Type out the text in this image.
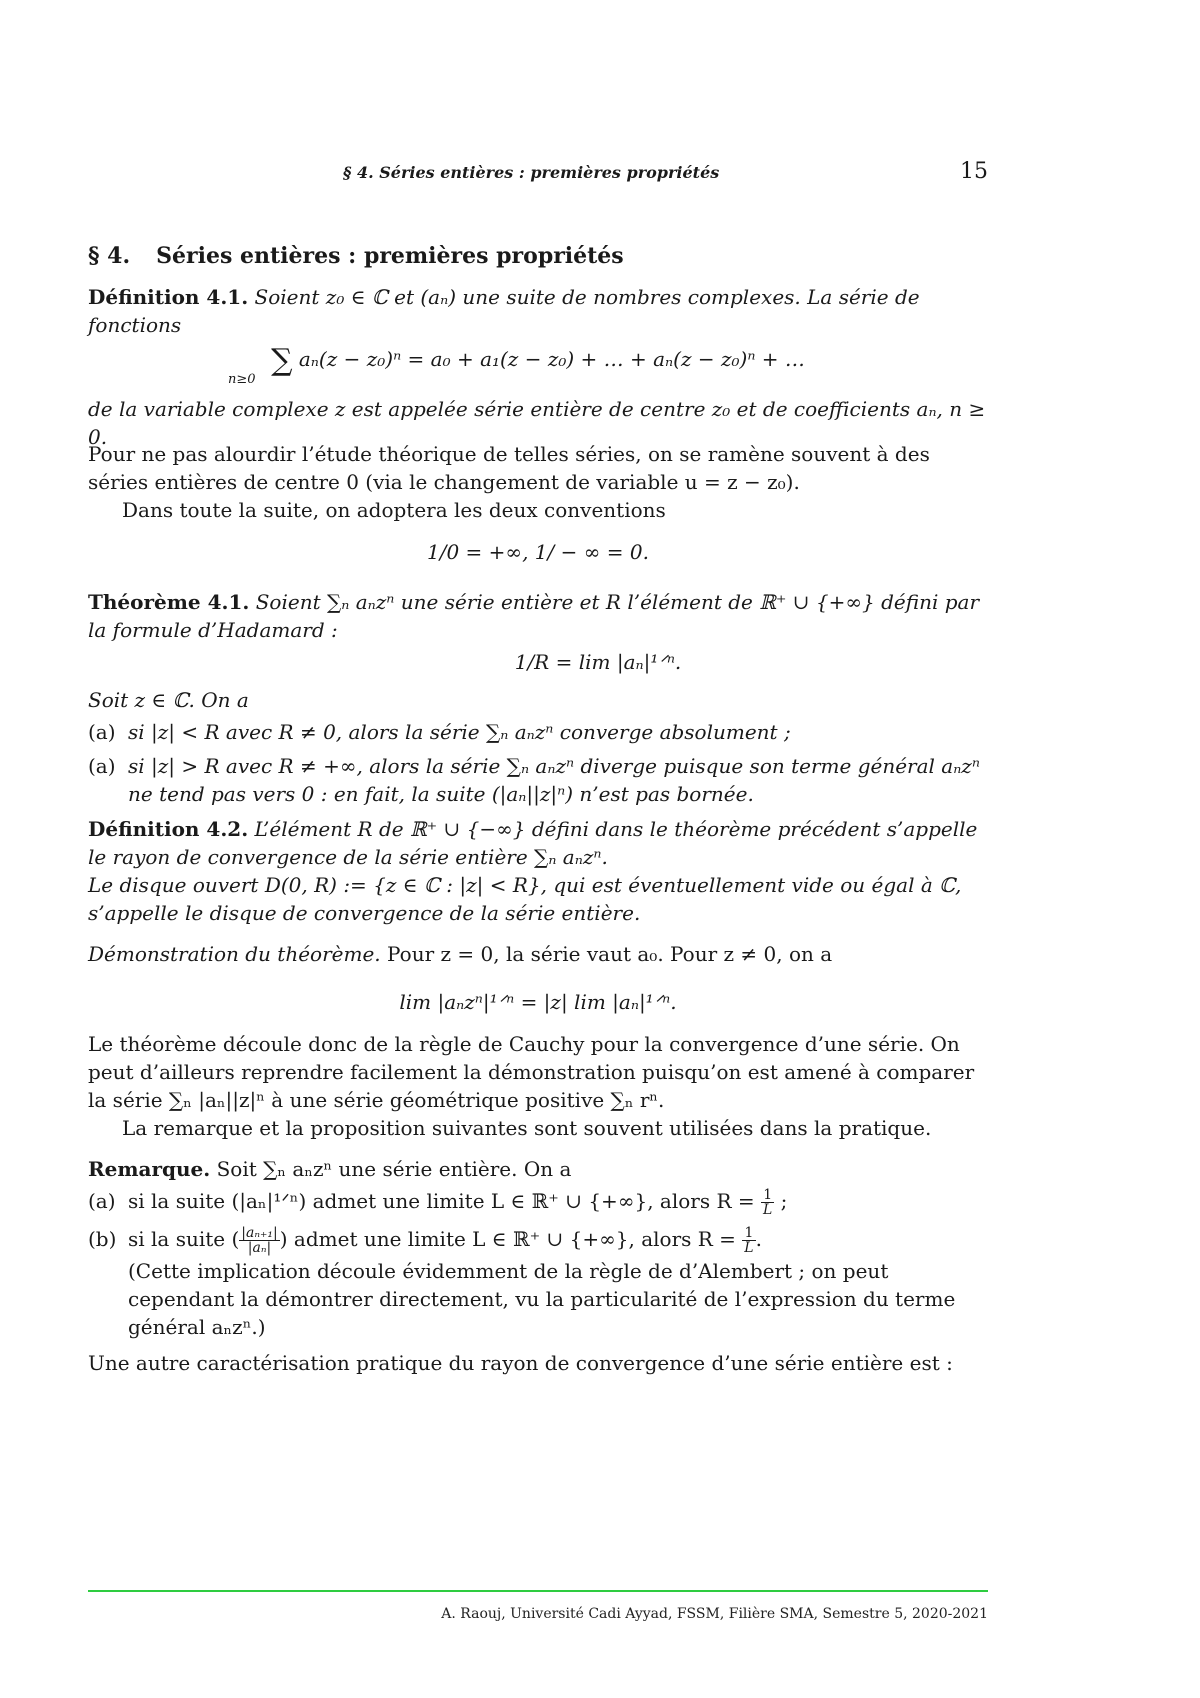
§ 4. Séries entières : premières propriétés	15
§ 4. Séries entières : premières propriétés
Définition 4.1. Soient z₀ ∈ ℂ et (aₙ) une suite de nombres complexes. La série de fonctions
∑ aₙ(z − z₀)ⁿ = a₀ + a₁(z − z₀) + … + aₙ(z − z₀)ⁿ + …
n≥0
de la variable complexe z est appelée série entière de centre z₀ et de coefficients aₙ, n ≥ 0.
Pour ne pas alourdir l’étude théorique de telles séries, on se ramène souvent à des séries entières de centre 0 (via le changement de variable u = z − z₀).
Dans toute la suite, on adoptera les deux conventions
1/0 = +∞, 1/ − ∞ = 0.
Théorème 4.1. Soient ∑ₙ aₙzⁿ une série entière et R l’élément de ℝ⁺ ∪ {+∞} défini par la formule d’Hadamard :
1/R = lim |aₙ|¹ᐟⁿ.
Soit z ∈ ℂ. On a
(a) si |z| < R avec R ≠ 0, alors la série ∑ₙ aₙzⁿ converge absolument ;
(a) si |z| > R avec R ≠ +∞, alors la série ∑ₙ aₙzⁿ diverge puisque son terme général aₙzⁿ ne tend pas vers 0 : en fait, la suite (|aₙ||z|ⁿ) n’est pas bornée.
Définition 4.2. L’élément R de ℝ⁺ ∪ {−∞} défini dans le théorème précédent s’appelle le rayon de convergence de la série entière ∑ₙ aₙzⁿ.
Le disque ouvert D(0, R) := {z ∈ ℂ : |z| < R}, qui est éventuellement vide ou égal à ℂ, s’appelle le disque de convergence de la série entière.
Démonstration du théorème. Pour z = 0, la série vaut a₀. Pour z ≠ 0, on a
lim |aₙzⁿ|¹ᐟⁿ = |z| lim |aₙ|¹ᐟⁿ.
Le théorème découle donc de la règle de Cauchy pour la convergence d’une série. On peut d’ailleurs reprendre facilement la démonstration puisqu’on est amené à comparer la série ∑ₙ |aₙ||z|ⁿ à une série géométrique positive ∑ₙ rⁿ.
La remarque et la proposition suivantes sont souvent utilisées dans la pratique.
Remarque. Soit ∑ₙ aₙzⁿ une série entière. On a
(a) si la suite (|aₙ|¹ᐟⁿ) admet une limite L ∈ ℝ⁺ ∪ {+∞}, alors $R = \frac{1}{L}$ ;
(b) si la suite ( $\frac{\text{|aₙ₊₁|}}{\text{|aₙ|}}$ ) admet une limite L ∈ ℝ⁺ ∪ {+∞}, alors $R = \frac{1}{L}$ .
(Cette implication découle évidemment de la règle de d’Alembert ; on peut cependant la démontrer directement, vu la particularité de l’expression du terme général aₙzⁿ.)
Une autre caractérisation pratique du rayon de convergence d’une série entière est :
A. Raouj, Université Cadi Ayyad, FSSM, Filière SMA, Semestre 5, 2020-2021
